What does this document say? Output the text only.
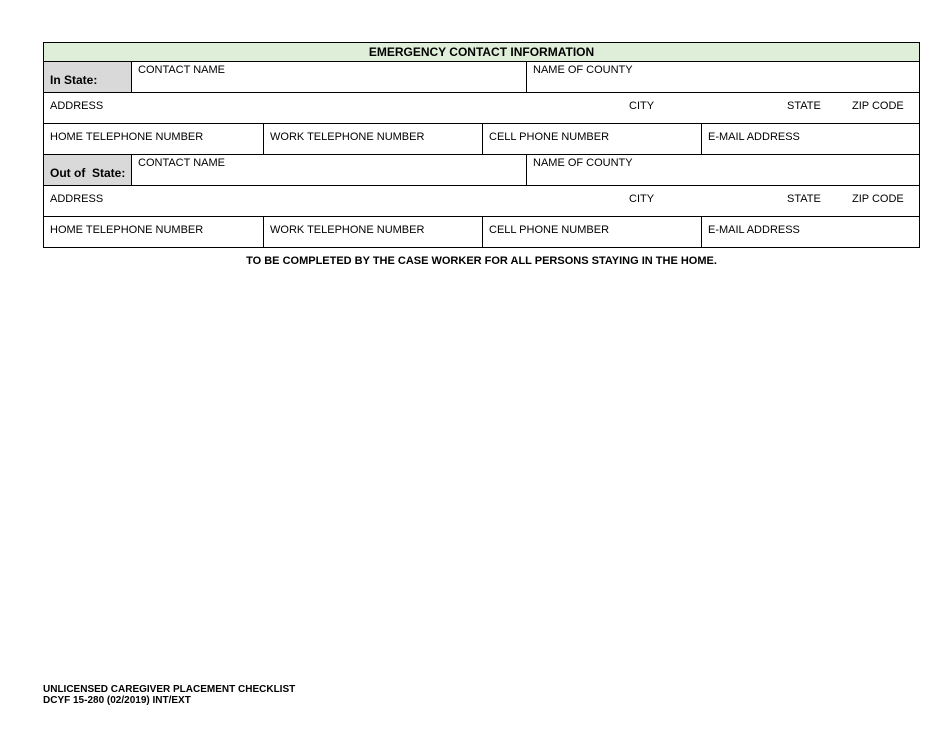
EMERGENCY CONTACT INFORMATION
In State:
CONTACT NAME	NAME OF COUNTY
ADDRESS	CITY	STATE	ZIP CODE
HOME TELEPHONE NUMBER	WORK TELEPHONE NUMBER	CELL PHONE NUMBER	E-MAIL ADDRESS
Out of  State:
CONTACT NAME	NAME OF COUNTY
ADDRESS	CITY	STATE	ZIP CODE
HOME TELEPHONE NUMBER	WORK TELEPHONE NUMBER	CELL PHONE NUMBER	E-MAIL ADDRESS
TO BE COMPLETED BY THE CASE WORKER FOR ALL PERSONS STAYING IN THE HOME.
UNLICENSED CAREGIVER PLACEMENT CHECKLIST
DCYF 15-280 (02/2019) INT/EXT
